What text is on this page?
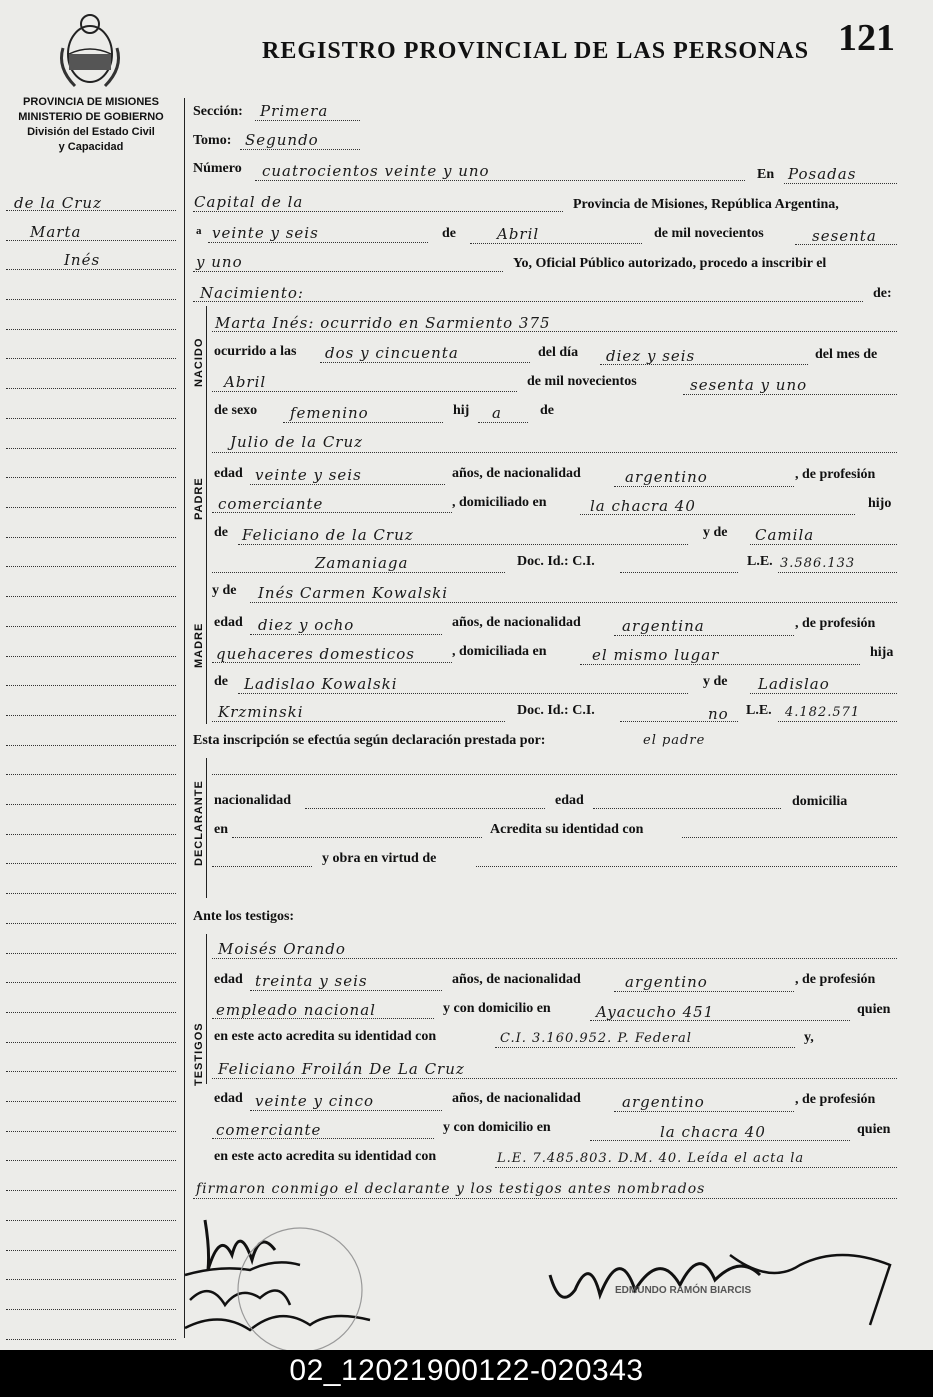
REGISTRO PROVINCIAL DE LAS PERSONAS 121
PROVINCIA DE MISIONES
MINISTERIO DE GOBIERNO
División del Estado Civil
y Capacidad
de la Cruz
Marta
Inés
Sección: Primera
Tomo: Segundo
Número cuatrocientos veinte y uno	En Posadas
Capital de la	Provincia de Misiones, República Argentina,
a veinte y seis	de	Abril	de mil novecientos	sesenta
y uno	Yo, Oficial Público autorizado, procedo a inscribir el
Nacimiento:	de:
NACIDO
Marta Inés: ocurrido en Sarmiento 375
ocurrido a las dos y cincuenta	del día diez y seis	del mes de
Abril	de mil novecientos	sesenta y uno
de sexo femenino	hij a	de
PADRE
Julio de la Cruz
edad veinte y seis	años, de nacionalidad	argentino	, de profesión
comerciante	, domiciliado en	la chacra 40	hijo
de Feliciano de la Cruz	y de Camila
Zamaniaga	Doc. Id.: C.I.	L.E. 3.586.133
MADRE
y de Inés Carmen Kowalski
edad diez y ocho	años, de nacionalidad	argentina	, de profesión
quehaceres domesticos	, domiciliada en	el mismo lugar	hija
de Ladislao Kowalski	y de Ladislao
Krzminski	Doc. Id.: C.I.	no L.E. 4.182.571
Esta inscripción se efectúa según declaración prestada por:	el padre
DECLARANTE nacionalidad	edad	domicilia
en	Acredita su identidad con
y obra en virtud de
Ante los testigos:
TESTIGOS
Moisés Orando
edad treinta y seis	años, de nacionalidad	argentino	, de profesión
empleado nacional	y con domicilio en	Ayacucho 451	quien
en este acto acredita su identidad con	C.I. 3.160.952. P. Federal	y,
Feliciano Froilán De La Cruz
edad veinte y cinco	años, de nacionalidad	argentino	, de profesión
comerciante	y con domicilio en	la chacra 40	quien
en este acto acredita su identidad con	L.E. 7.485.803. D.M. 40. Leída el acta la
firmaron conmigo el declarante y los testigos antes nombrados
EDMUNDO RAMÓN BIARCIS
02_12021900122-020343
